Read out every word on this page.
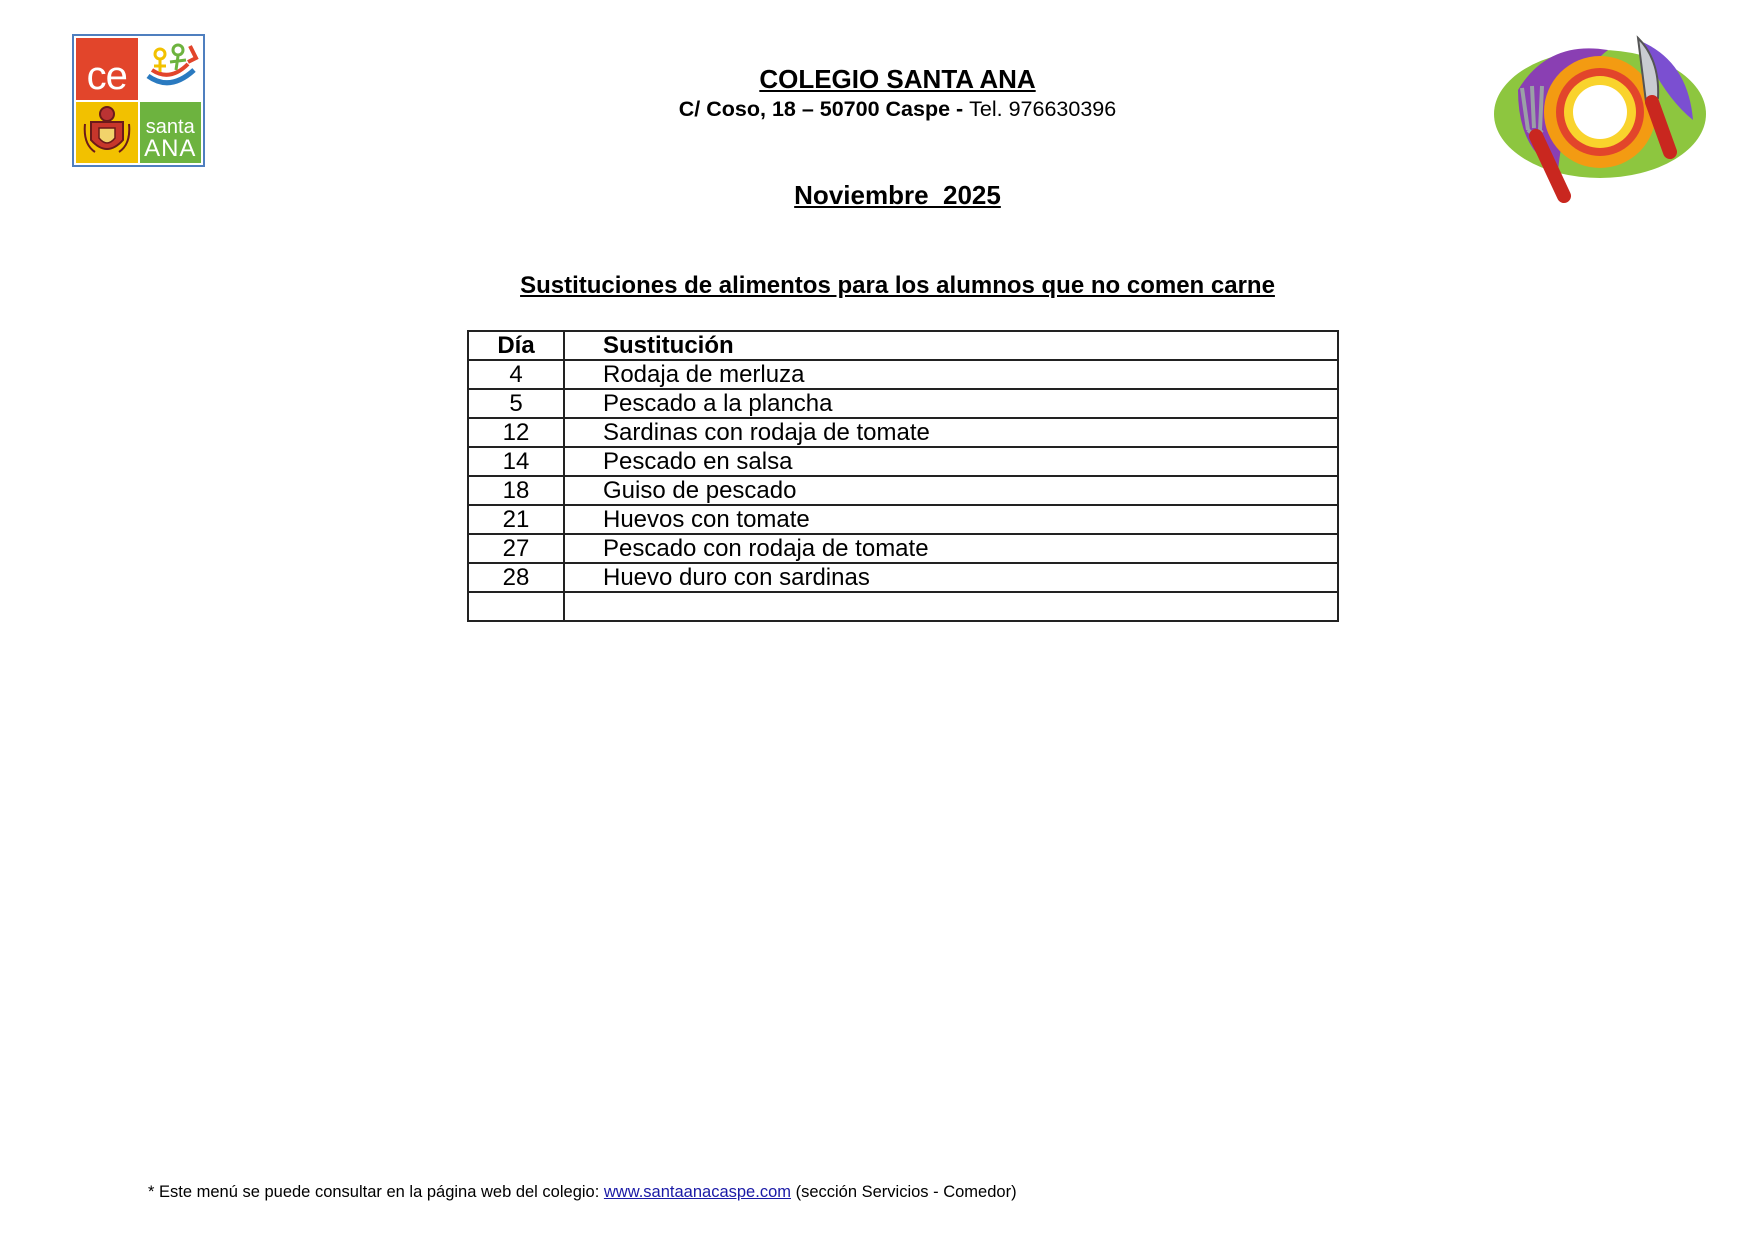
ce
santa
ANA
COLEGIO SANTA ANA
C/ Coso, 18 – 50700 Caspe - Tel. 976630396
Noviembre  2025
Sustituciones de alimentos para los alumnos que no comen carne
Día	Sustitución
4	Rodaja de merluza
5	Pescado a la plancha
12	Sardinas con rodaja de tomate
14	Pescado en salsa
18	Guiso de pescado
21	Huevos con tomate
27	Pescado con rodaja de tomate
28	Huevo duro con sardinas

* Este menú se puede consultar en la página web del colegio: www.santaanacaspe.com (sección Servicios - Comedor)
